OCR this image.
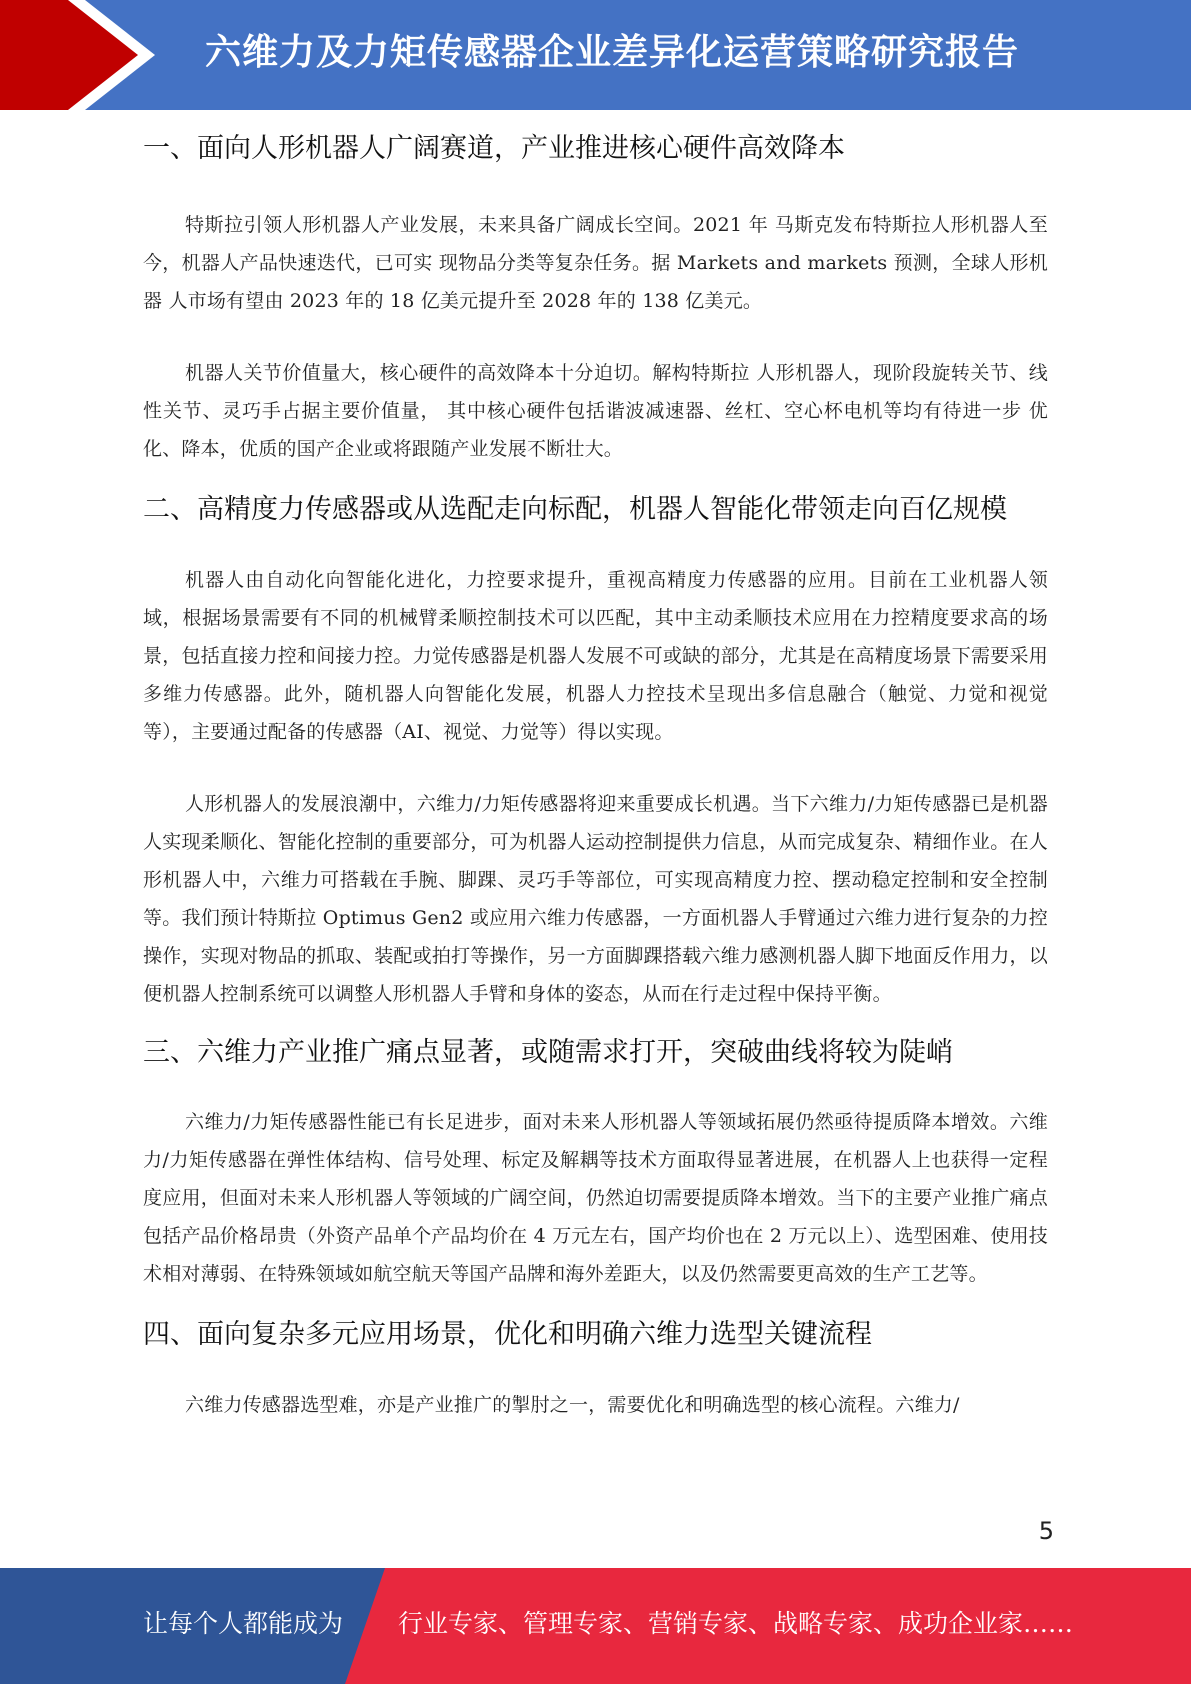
六维力及力矩传感器企业差异化运营策略研究报告
一、面向人形机器人广阔赛道，产业推进核心硬件高效降本

特斯拉引领人形机器人产业发展，未来具备广阔成长空间。2021 年 马斯克发布特斯拉人形机器人至今，机器人产品快速迭代，已可实 现物品分类等复杂任务。据 Markets and markets 预测，全球人形机器 人市场有望由 2023 年的 18 亿美元提升至 2028 年的 138 亿美元。

机器人关节价值量大，核心硬件的高效降本十分迫切。解构特斯拉 人形机器人，现阶段旋转关节、线性关节、灵巧手占据主要价值量， 其中核心硬件包括谐波减速器、丝杠、空心杯电机等均有待进一步 优化、降本，优质的国产企业或将跟随产业发展不断壮大。

二、高精度力传感器或从选配走向标配，机器人智能化带领走向百亿规模

机器人由自动化向智能化进化，力控要求提升，重视高精度力传感器的应用。目前在工业机器人领域，根据场景需要有不同的机械臂柔顺控制技术可以匹配，其中主动柔顺技术应用在力控精度要求高的场景，包括直接力控和间接力控。力觉传感器是机器人发展不可或缺的部分，尤其是在高精度场景下需要采用多维力传感器。此外，随机器人向智能化发展，机器人力控技术呈现出多信息融合（触觉、力觉和视觉等），主要通过配备的传感器（AI、视觉、力觉等）得以实现。

人形机器人的发展浪潮中，六维力/力矩传感器将迎来重要成长机遇。当下六维力/力矩传感器已是机器人实现柔顺化、智能化控制的重要部分，可为机器人运动控制提供力信息，从而完成复杂、精细作业。在人形机器人中，六维力可搭载在手腕、脚踝、灵巧手等部位，可实现高精度力控、摆动稳定控制和安全控制等。我们预计特斯拉 Optimus Gen2 或应用六维力传感器，一方面机器人手臂通过六维力进行复杂的力控操作，实现对物品的抓取、装配或拍打等操作，另一方面脚踝搭载六维力感测机器人脚下地面反作用力，以便机器人控制系统可以调整人形机器人手臂和身体的姿态，从而在行走过程中保持平衡。

三、六维力产业推广痛点显著，或随需求打开，突破曲线将较为陡峭

六维力/力矩传感器性能已有长足进步，面对未来人形机器人等领域拓展仍然亟待提质降本增效。六维力/力矩传感器在弹性体结构、信号处理、标定及解耦等技术方面取得显著进展，在机器人上也获得一定程度应用，但面对未来人形机器人等领域的广阔空间，仍然迫切需要提质降本增效。当下的主要产业推广痛点包括产品价格昂贵（外资产品单个产品均价在 4 万元左右，国产均价也在 2 万元以上）、选型困难、使用技术相对薄弱、在特殊领域如航空航天等国产品牌和海外差距大，以及仍然需要更高效的生产工艺等。

四、面向复杂多元应用场景，优化和明确六维力选型关键流程

六维力传感器选型难，亦是产业推广的掣肘之一，需要优化和明确选型的核心流程。六维力/

5
让每个人都能成为 行业专家、管理专家、营销专家、战略专家、成功企业家……
